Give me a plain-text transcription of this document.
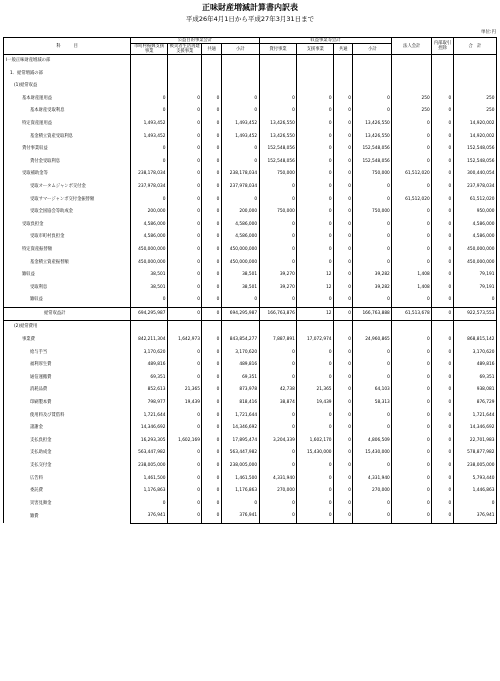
正味財産増減計算書内訳表
平成26年4月1日から平成27年3月31日まで
単位:円
科　　　目	公益目的事業会計				収益事業等会計				法人会計	内部取引控除	合　計
	市町村振興支援事業	被災者生活再建支援事業	共通	小計	貸付事業	支援事業	共通	小計			
Ⅰ一般正味財産増減の部											
1．経常増減の部											
(1)経常収益											
基本財産運用益	0	0	0	0	0	0	0	0	250	0	250
基本財産受取利息	0	0	0	0	0	0	0	0	250	0	250
特定資産運用益	1,493,452	0	0	1,493,452	13,426,550	0	0	13,426,550	0	0	14,920,002
基金積立資産受取利息	1,493,452	0	0	1,493,452	13,426,550	0	0	13,426,550	0	0	14,920,002
貸付事業収益	0	0	0	0	152,548,056	0	0	152,548,056	0	0	152,548,056
貸付金受取利息	0	0	0	0	152,548,056	0	0	152,548,056	0	0	152,548,056
受取補助金等	238,178,034	0	0	238,178,034	750,000	0	0	750,000	61,512,020	0	300,440,054
受取オータムジャンボ交付金	237,978,034	0	0	237,978,034	0	0	0	0	0	0	237,978,034
受取サマージャンボ交付金振替額	0	0	0	0	0	0	0	0	61,512,020	0	61,512,020
受取全国協会等助成金	200,000	0	0	200,000	750,000	0	0	750,000	0	0	950,000
受取負担金	4,586,000	0	0	4,586,000	0	0	0	0	0	0	4,586,000
受取市町村負担金	4,586,000	0	0	4,586,000	0	0	0	0	0	0	4,586,000
特定資産振替額	450,000,000	0	0	450,000,000	0	0	0	0	0	0	450,000,000
基金積立資産振替額	450,000,000	0	0	450,000,000	0	0	0	0	0	0	450,000,000
雑収益	38,501	0	0	38,501	39,270	12	0	39,282	1,408	0	79,191
受取利息	38,501	0	0	38,501	39,270	12	0	39,282	1,408	0	79,191
雑収益	0	0	0	0	0	0	0	0	0	0	0
経常収益計	694,295,987	0	0	694,295,987	166,763,876	12	0	166,763,888	61,513,678	0	922,573,553
(2)経常費用											
事業費	842,211,304	1,642,973	0	843,854,277	7,887,891	17,072,974	0	24,960,865	0	0	868,815,142
給与手当	3,170,620	0	0	3,170,620	0	0	0	0	0	0	3,170,620
福利厚生費	489,816	0	0	489,816	0	0	0	0	0	0	489,816
通信運搬費	69,351	0	0	69,351	0	0	0	0	0	0	69,351
消耗品費	852,613	21,365	0	873,978	42,738	21,365	0	64,103	0	0	938,081
印刷製本費	798,977	19,439	0	818,416	38,874	19,439	0	58,313	0	0	876,729
使用料及び賃借料	1,721,644	0	0	1,721,644	0	0	0	0	0	0	1,721,644
諸謝金	14,346,692	0	0	14,346,692	0	0	0	0	0	0	14,346,692
支払負担金	16,293,305	1,602,169	0	17,895,474	3,204,339	1,602,170	0	4,806,509	0	0	22,701,983
支払助成金	563,447,982	0	0	563,447,982	0	15,430,000	0	15,430,000	0	0	578,877,982
支払交付金	238,005,000	0	0	238,005,000	0	0	0	0	0	0	238,005,000
広告料	1,461,500	0	0	1,461,500	4,331,940	0	0	4,331,940	0	0	5,793,440
委託費	1,176,863	0	0	1,176,863	270,000	0	0	270,000	0	0	1,446,863
災害見舞金	0	0	0	0	0	0	0	0	0	0	0
雑費	376,941	0	0	376,941	0	0	0	0	0	0	376,941
